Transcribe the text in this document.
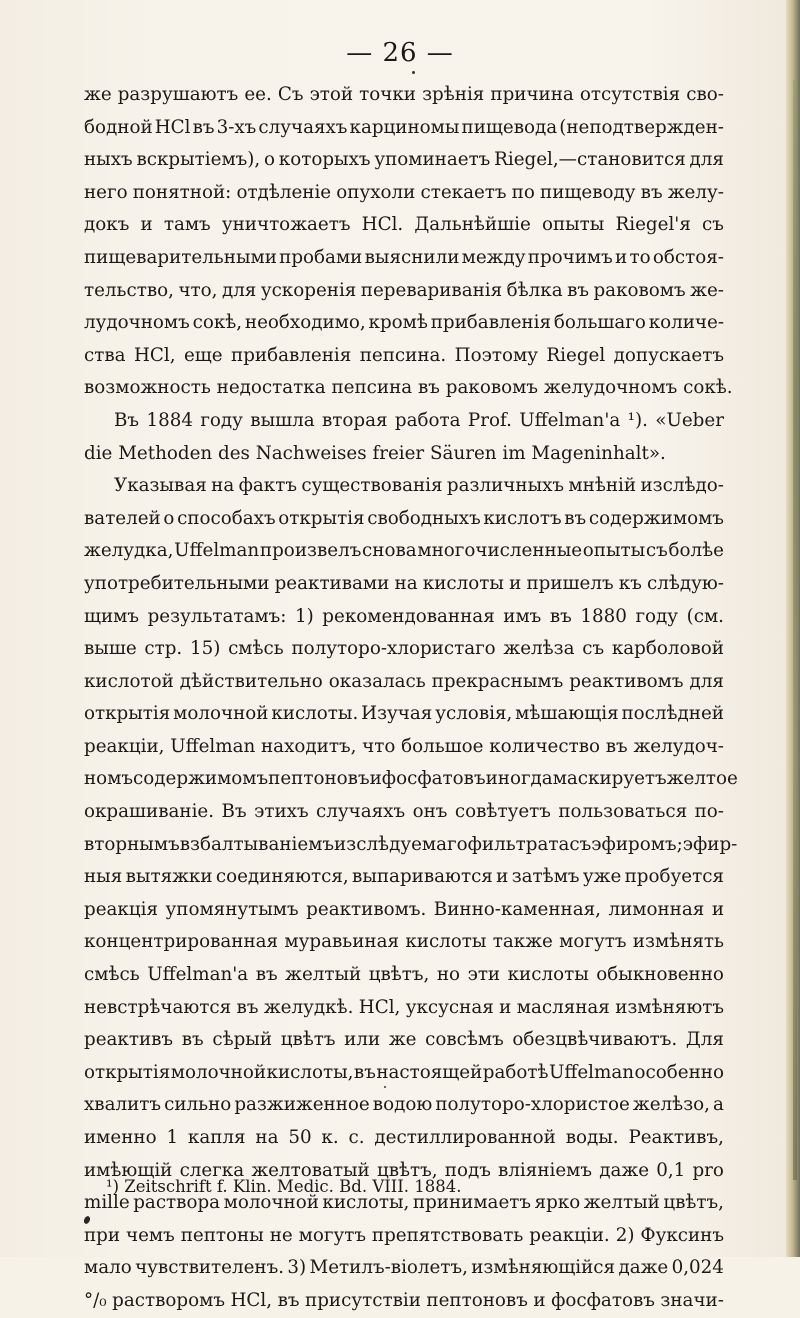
— 26 —
же разрушаютъ ее. Съ этой точки зрѣнія причина отсутствія сво-
бодной HCl въ 3-хъ случаяхъ карциномы пищевода (неподтвержден-
ныхъ вскрытіемъ), о которыхъ упоминаетъ Riegel,—становится для
него понятной: отдѣленіе опухоли стекаетъ по пищеводу въ желу-
докъ и тамъ уничтожаетъ HCl. Дальнѣйшіе опыты Riegel'я съ
пищеварительными пробами выяснили между прочимъ и то обстоя-
тельство, что, для ускоренія перевариванія бѣлка въ раковомъ же-
лудочномъ сокѣ, необходимо, кромѣ прибавленія большаго количе-
ства HCl, еще прибавленія пепсина. Поэтому Riegel допускаетъ
возможность недостатка пепсина въ раковомъ желудочномъ сокѣ.
Въ 1884 году вышла вторая работа Prof. Uffelman'a ¹). «Ueber
die Methoden des Nachweises freier Säuren im Mageninhalt».
Указывая на фактъ существованія различныхъ мнѣній изслѣдо-
вателей о способахъ открытія свободныхъ кислотъ въ содержимомъ
желудка, Uffelman произвелъ снова многочисленные опыты съ болѣе
употребительными реактивами на кислоты и пришелъ къ слѣдую-
щимъ результатамъ: 1) рекомендованная имъ въ 1880 году (см.
выше стр. 15) смѣсь полуторо-хлористаго желѣза съ карболовой
кислотой дѣйствительно оказалась прекраснымъ реактивомъ для
открытія молочной кислоты. Изучая условія, мѣшающія послѣдней
реакціи, Uffelman находитъ, что большое количество въ желудоч-
номъ содержимомъ пептоновъ и фосфатовъ иногда маскируетъ желтое
окрашиваніе. Въ этихъ случаяхъ онъ совѣтуетъ пользоваться по-
вторнымъ взбалтываніемъ изслѣдуемаго фильтрата съ эфиромъ; эфир-
ныя вытяжки соединяются, выпариваются и затѣмъ уже пробуется
реакція упомянутымъ реактивомъ. Винно-каменная, лимонная и
концентрированная муравьиная кислоты также могутъ измѣнять
смѣсь Uffelman'a въ желтый цвѣтъ, но эти кислоты обыкновенно
невстрѣчаются въ желудкѣ. HCl, уксусная и масляная измѣняютъ
реактивъ въ сѣрый цвѣтъ или же совсѣмъ обезцвѣчиваютъ. Для
открытія молочной кислоты, въ настоящей работѣ Uffelman особенно
хвалитъ сильно разжиженное водою полуторо-хлористое желѣзо, а
именно 1 капля на 50 к. с. дестиллированной воды. Реактивъ,
имѣющій слегка желтоватый цвѣтъ, подъ вліяніемъ даже 0,1 pro
mille раствора молочной кислоты, принимаетъ ярко желтый цвѣтъ,
при чемъ пептоны не могутъ препятствовать реакціи. 2) Фуксинъ
мало чувствителенъ. 3) Метилъ-віолетъ, измѣняющійся даже 0,024
°/₀ растворомъ HCl, въ присутствіи пептоновъ и фосфатовъ значи-
¹) Zeitschrift f. Klin. Medic. Bd. VIII. 1884.
